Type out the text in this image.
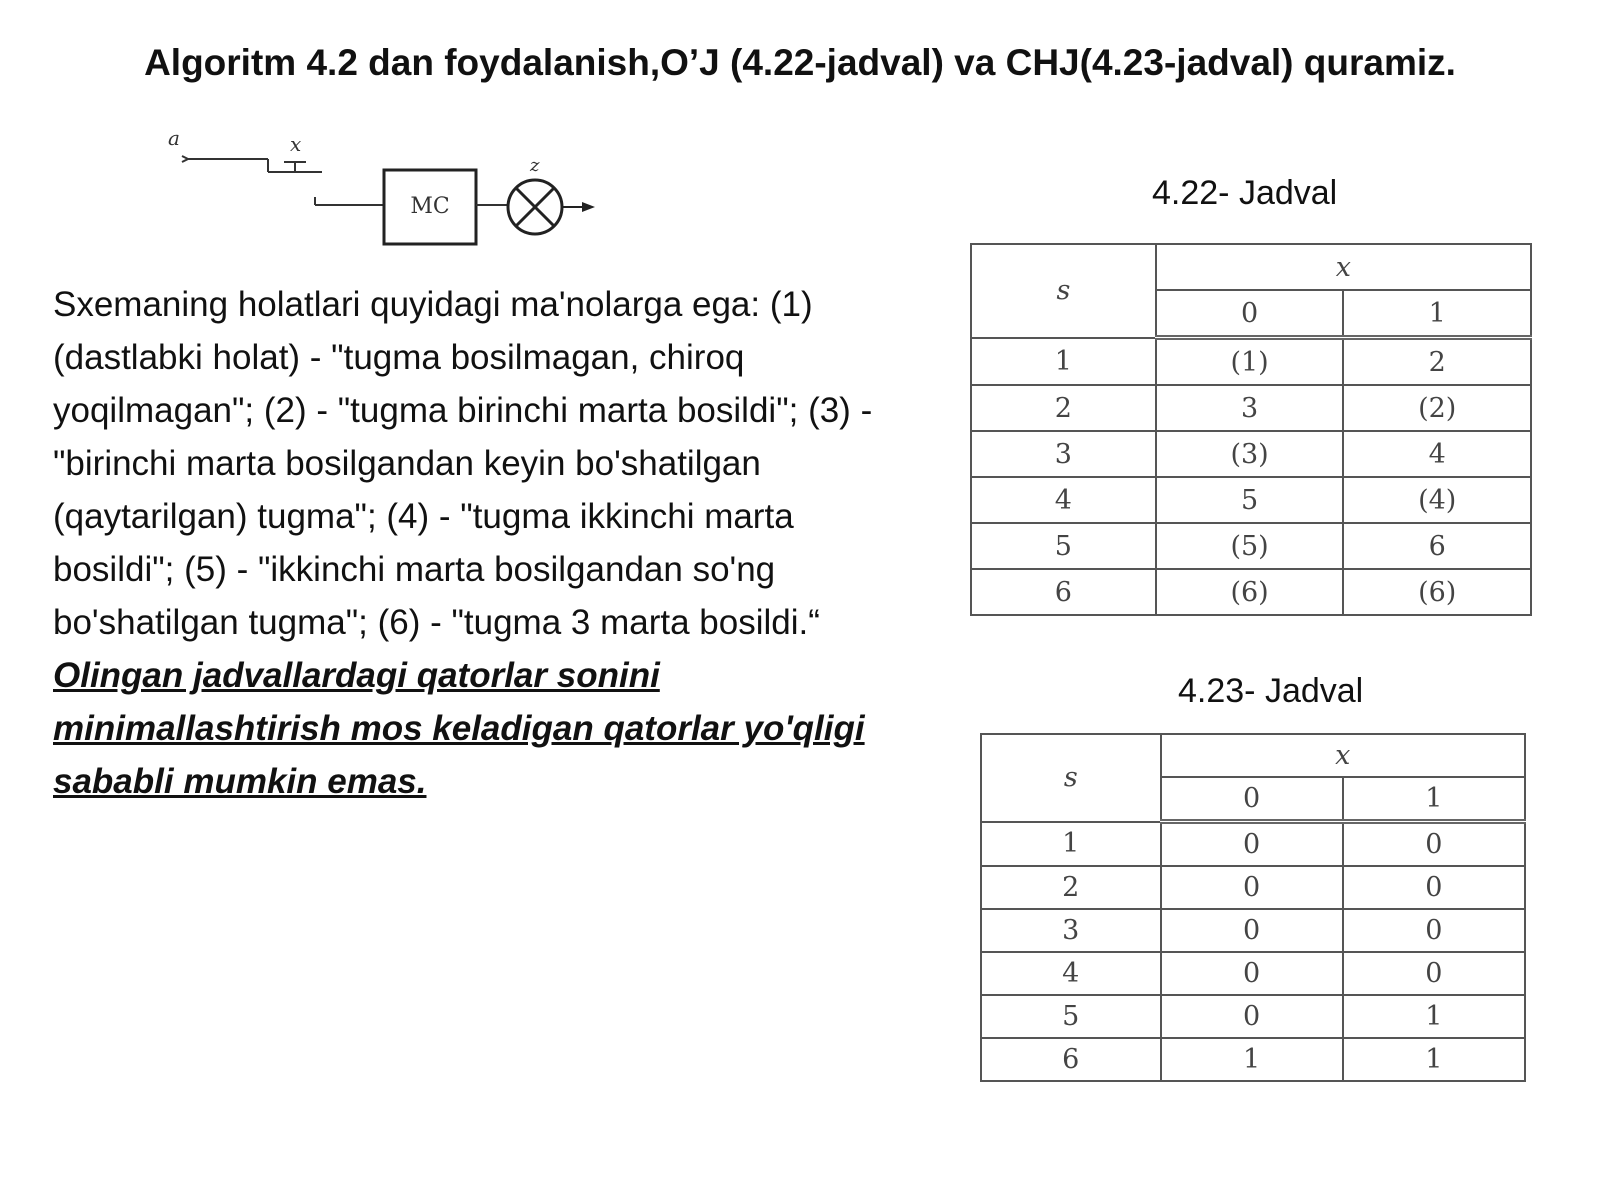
Algoritm 4.2 dan foydalanish,O’J (4.22-jadval) va CHJ(4.23-jadval) quramiz.
a	x
MC
z
Sxemaning holatlari quyidagi ma'nolarga ega: (1) (dastlabki holat) - "tugma bosilmagan, chiroq yoqilmagan"; (2) - "tugma birinchi marta bosildi"; (3) - "birinchi marta bosilgandan keyin bo'shatilgan (qaytarilgan) tugma"; (4) - "tugma ikkinchi marta bosildi"; (5) - "ikkinchi marta bosilgandan so'ng bo'shatilgan tugma"; (6) - "tugma 3 marta bosildi.“
Olingan jadvallardagi qatorlar sonini minimallashtirish mos keladigan qatorlar yo'qligi sababli mumkin emas.
4.22- Jadval
s	x	
	0	1
1	(1)	2
2	3	(2)
3	(3)	4
4	5	(4)
5	(5)	6
6	(6)	(6)
4.23- Jadval
s	x	
	0	1
1	0	0
2	0	0
3	0	0
4	0	0
5	0	1
6	1	1
